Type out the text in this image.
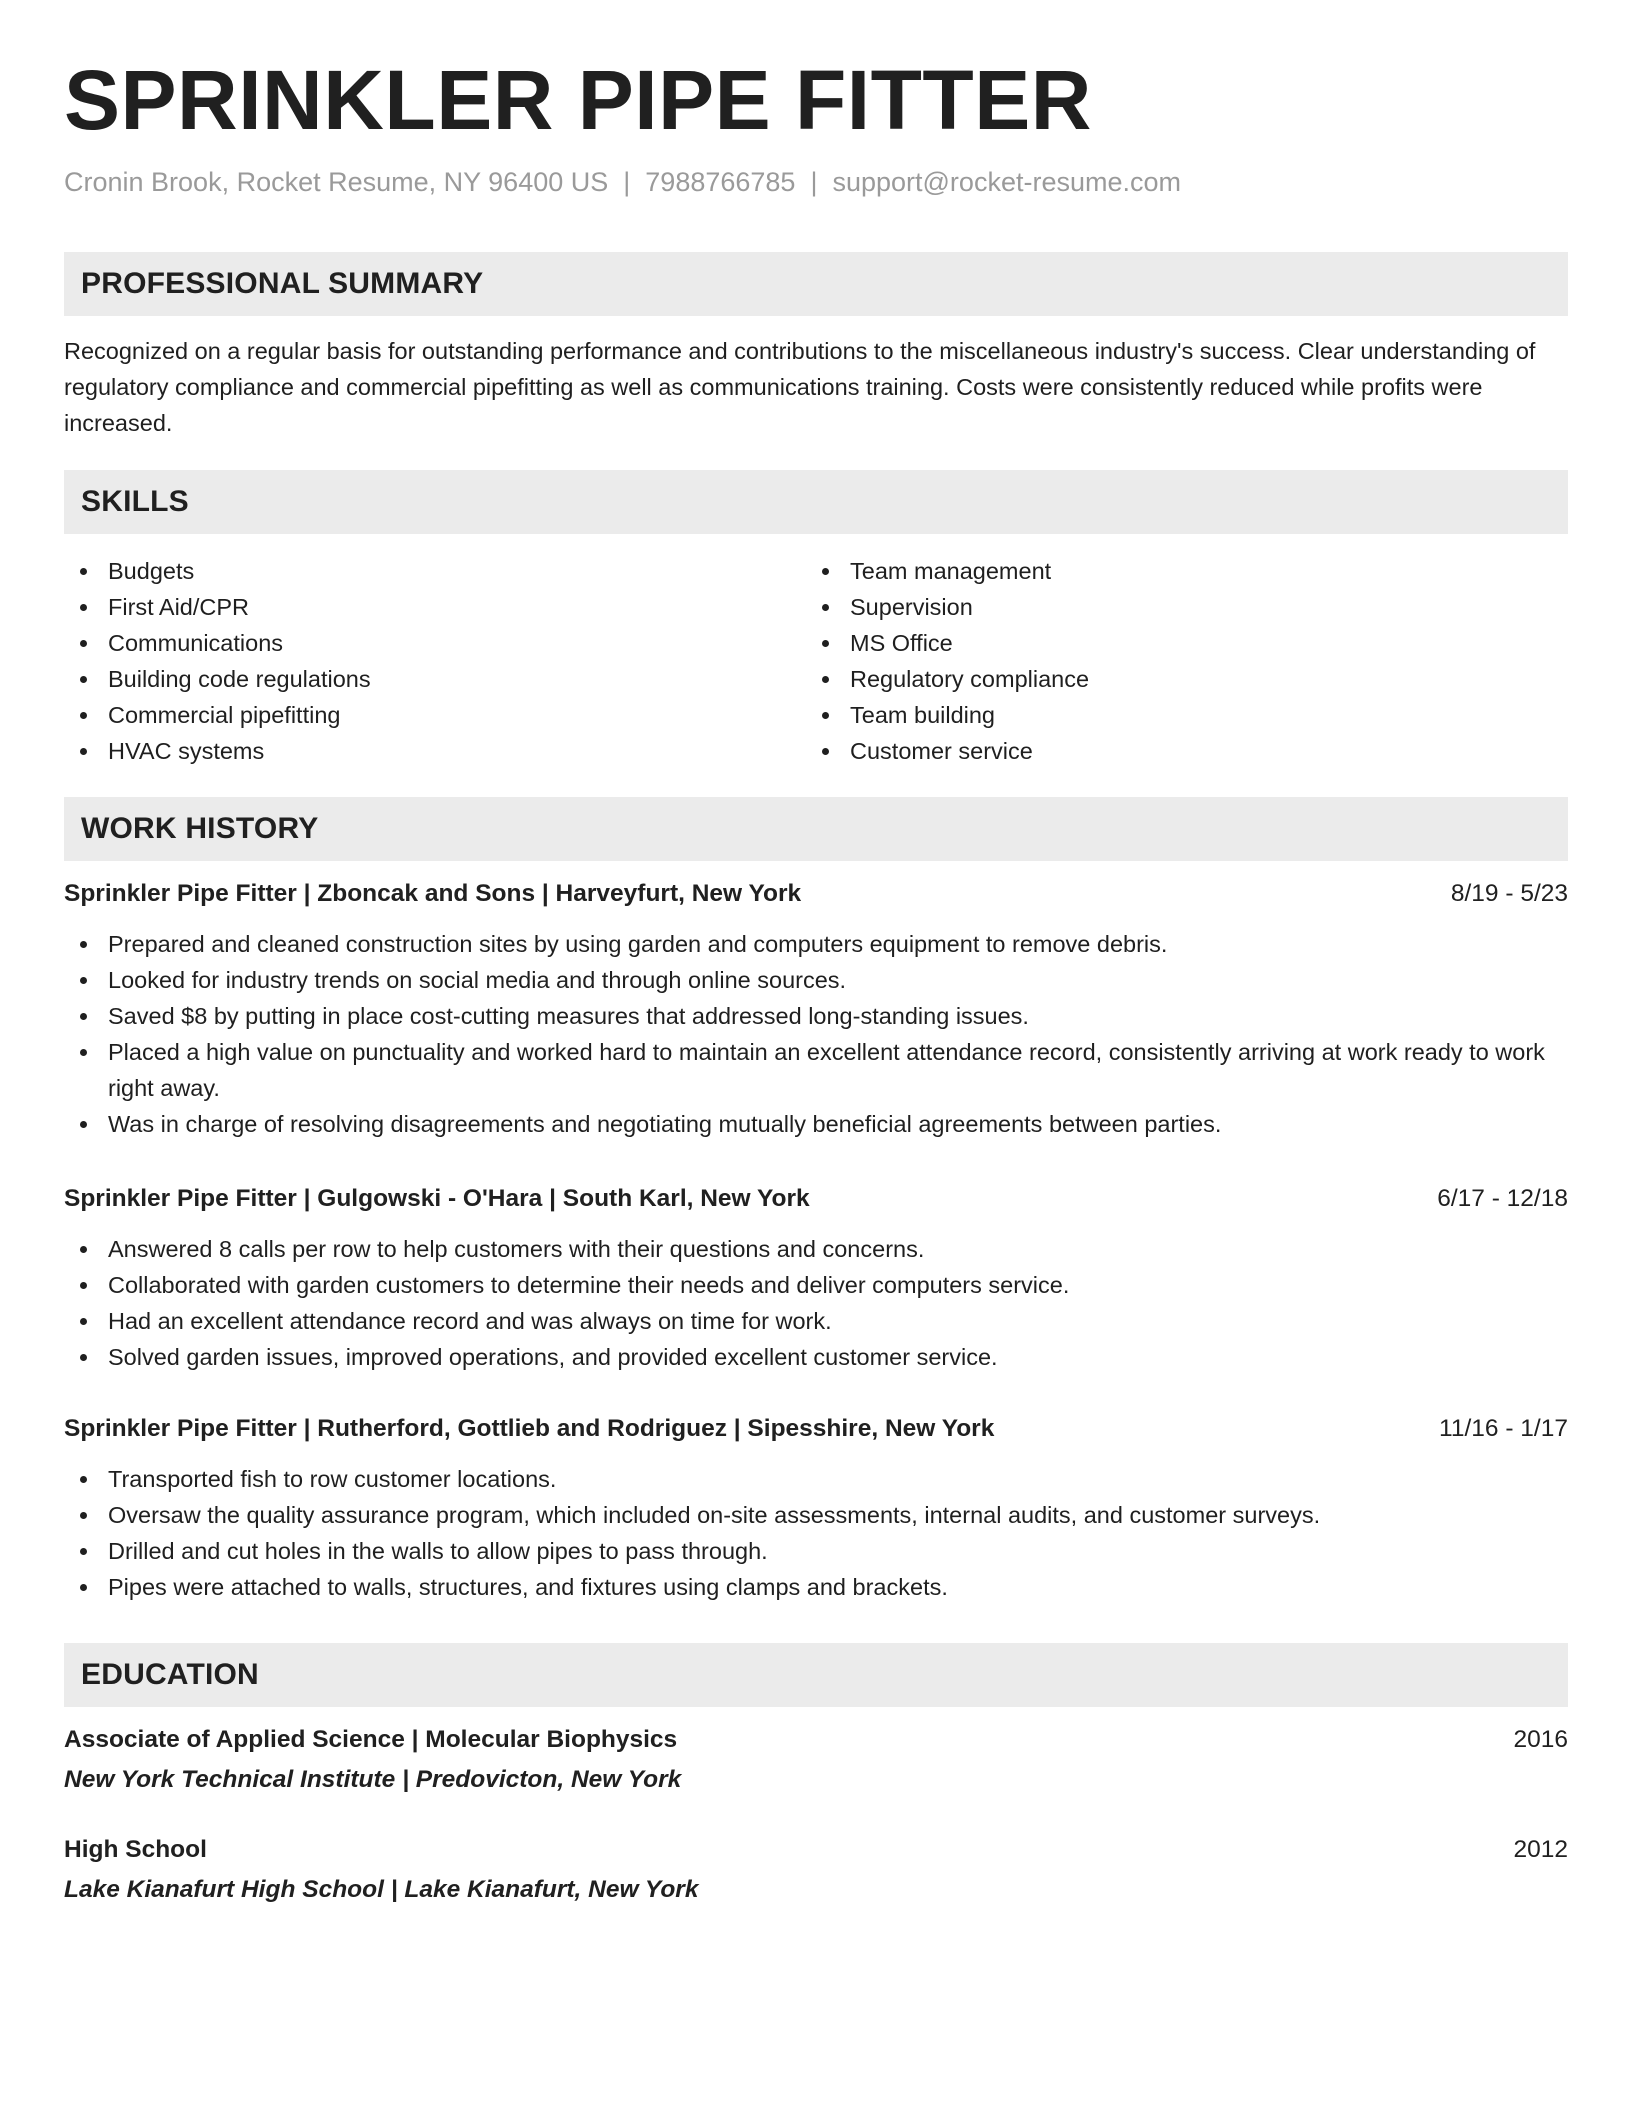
SPRINKLER PIPE FITTER
Cronin Brook, Rocket Resume, NY 96400 US | 7988766785 | support@rocket-resume.com
PROFESSIONAL SUMMARY

Recognized on a regular basis for outstanding performance and contributions to the miscellaneous industry's success. Clear understanding of regulatory compliance and commercial pipefitting as well as communications training. Costs were consistently reduced while profits were increased.

SKILLS
Budgets
First Aid/CPR
Communications
Building code regulations
Commercial pipefitting
HVAC systems
Team management
Supervision
MS Office
Regulatory compliance
Team building
Customer service
WORK HISTORY
Sprinkler Pipe Fitter | Zboncak and Sons | Harveyfurt, New York	8/19 - 5/23
Prepared and cleaned construction sites by using garden and computers equipment to remove debris.
Looked for industry trends on social media and through online sources.
Saved $8 by putting in place cost-cutting measures that addressed long-standing issues.
Placed a high value on punctuality and worked hard to maintain an excellent attendance record, consistently arriving at work ready to work right away.
Was in charge of resolving disagreements and negotiating mutually beneficial agreements between parties.
Sprinkler Pipe Fitter | Gulgowski - O'Hara | South Karl, New York	6/17 - 12/18
Answered 8 calls per row to help customers with their questions and concerns.
Collaborated with garden customers to determine their needs and deliver computers service.
Had an excellent attendance record and was always on time for work.
Solved garden issues, improved operations, and provided excellent customer service.
Sprinkler Pipe Fitter | Rutherford, Gottlieb and Rodriguez | Sipesshire, New York	11/16 - 1/17
Transported fish to row customer locations.
Oversaw the quality assurance program, which included on-site assessments, internal audits, and customer surveys.
Drilled and cut holes in the walls to allow pipes to pass through.
Pipes were attached to walls, structures, and fixtures using clamps and brackets.
EDUCATION
Associate of Applied Science | Molecular Biophysics	2016
New York Technical Institute | Predovicton, New York
High School	2012
Lake Kianafurt High School | Lake Kianafurt, New York
